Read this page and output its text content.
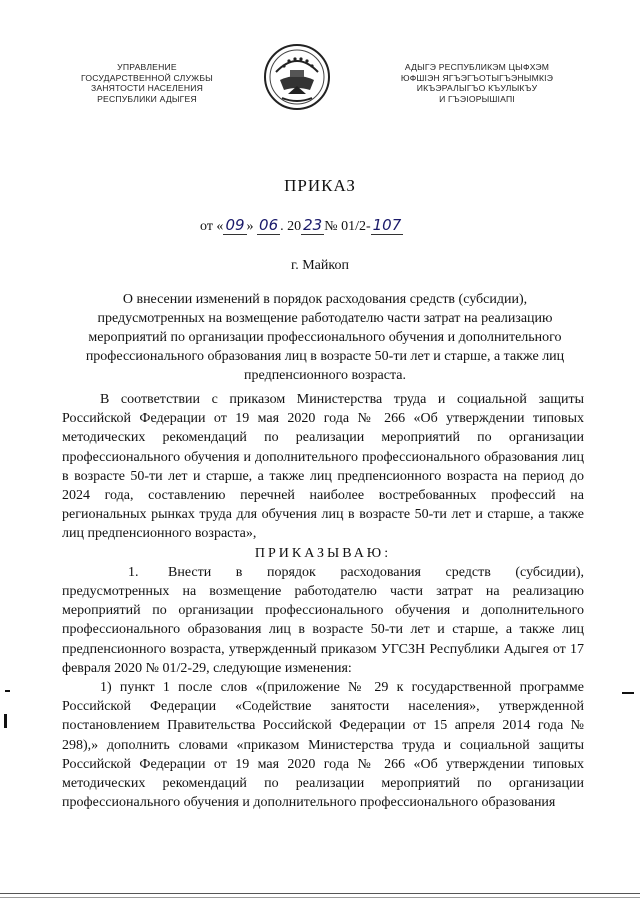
УПРАВЛЕНИЕ
ГОСУДАРСТВЕННОЙ СЛУЖБЫ
ЗАНЯТОСТИ НАСЕЛЕНИЯ
РЕСПУБЛИКИ АДЫГЕЯ
АДЫГЭ РЕСПУБЛИКЭМ ЦЫФХЭМ
ЮФШІЭН ЯГЪЭГЪОТЫГЪЭНЫМКІЭ
ИКЪЭРАЛЫГЪО КЪУЛЫКЪУ
И ГЪЭІОРЫШІАПІ
ПРИКАЗ
от « 09 » 06 . 20 23 № 01/2- 107
г. Майкоп
О внесении изменений в порядок расходования средств (субсидии),
предусмотренных на возмещение работодателю части затрат на реализацию
мероприятий по организации профессионального обучения и дополнительного
профессионального образования лиц в возрасте 50-ти лет и старше, а также лиц
предпенсионного возраста.

В соответствии с приказом Министерства труда и социальной защиты Российской Федерации от 19 мая 2020 года № 266 «Об утверждении типовых методических рекомендаций по реализации мероприятий по организации профессионального обучения и дополнительного профессионального образования лиц в возрасте 50-ти лет и старше, а также лиц предпенсионного возраста на период до 2024 года, составлению перечней наиболее востребованных профессий на региональных рынках труда для обучения лиц в возрасте 50-ти лет и старше, а также лиц предпенсионного возраста»,

ПРИКАЗЫВАЮ:

1. Внести в порядок расходования средств (субсидии), предусмотренных на возмещение работодателю части затрат на реализацию мероприятий по организации профессионального обучения и дополнительного профессионального образования лиц в возрасте 50-ти лет и старше, а также лиц предпенсионного возраста, утвержденный приказом УГСЗН Республики Адыгея от 17 февраля 2020 № 01/2-29, следующие изменения:

1) пункт 1 после слов «(приложение № 29 к государственной программе Российской Федерации «Содействие занятости населения», утвержденной постановлением Правительства Российской Федерации от 15 апреля 2014 года № 298),» дополнить словами «приказом Министерства труда и социальной защиты Российской Федерации от 19 мая 2020 года № 266 «Об утверждении типовых методических рекомендаций по реализации мероприятий по организации профессионального обучения и дополнительного профессионального образования
